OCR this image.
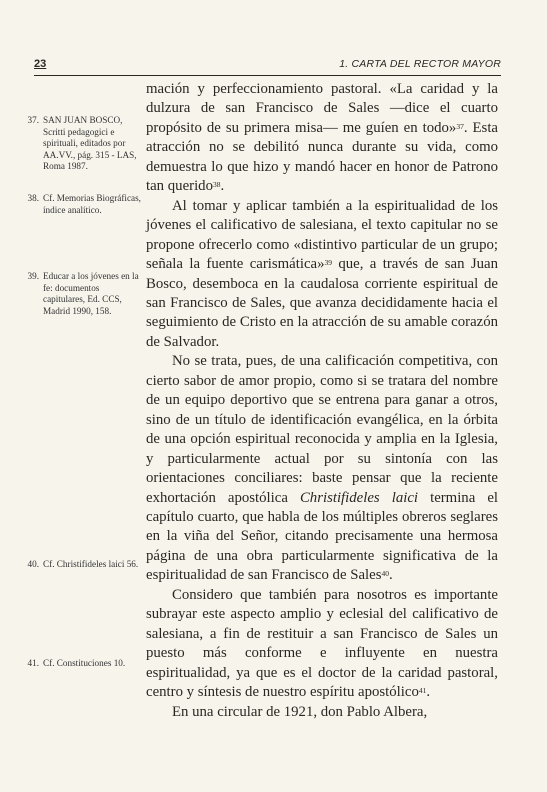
23	1. CARTA DEL RECTOR MAYOR
37. SAN JUAN BOSCO, Scritti pedagogici e spirituali, editados por AA.VV., pág. 315 - LAS, Roma 1987.
38. Cf. Memorias Biográficas, índice analítico.
39. Educar a los jóvenes en la fe: documentos capitulares, Ed. CCS, Madrid 1990, 158.
40. Cf. Christifideles laici 56.
41. Cf. Constituciones 10.

mación y perfeccionamiento pastoral. «La caridad y la dulzura de san Francisco de Sales —dice el cuarto propósito de su primera misa— me guíen en todo»$^{37}$. Esta atracción no se debilitó nunca durante su vida, como demuestra lo que hizo y mandó hacer en honor de Patrono tan querido$^{38}$.

Al tomar y aplicar también a la espiritualidad de los jóvenes el calificativo de salesiana, el texto capitular no se propone ofrecerlo como «distintivo particular de un grupo; señala la fuente carismática»$^{39}$ que, a través de san Juan Bosco, desemboca en la caudalosa corriente espiritual de san Francisco de Sales, que avanza decididamente hacia el seguimiento de Cristo en la atracción de su amable corazón de Salvador.

No se trata, pues, de una calificación competitiva, con cierto sabor de amor propio, como si se tratara del nombre de un equipo deportivo que se entrena para ganar a otros, sino de un título de identificación evangélica, en la órbita de una opción espiritual reconocida y amplia en la Iglesia, y particularmente actual por su sintonía con las orientaciones conciliares: baste pensar que la reciente exhortación apostólica Christifideles laici termina el capítulo cuarto, que habla de los múltiples obreros seglares en la viña del Señor, citando precisamente una hermosa página de una obra particularmente significativa de la espiritualidad de san Francisco de Sales$^{40}$.

Considero que también para nosotros es importante subrayar este aspecto amplio y eclesial del calificativo de salesiana, a fin de restituir a san Francisco de Sales un puesto más conforme e influyente en nuestra espiritualidad, ya que es el doctor de la caridad pastoral, centro y síntesis de nuestro espíritu apostólico$^{41}$.

En una circular de 1921, don Pablo Albera,
